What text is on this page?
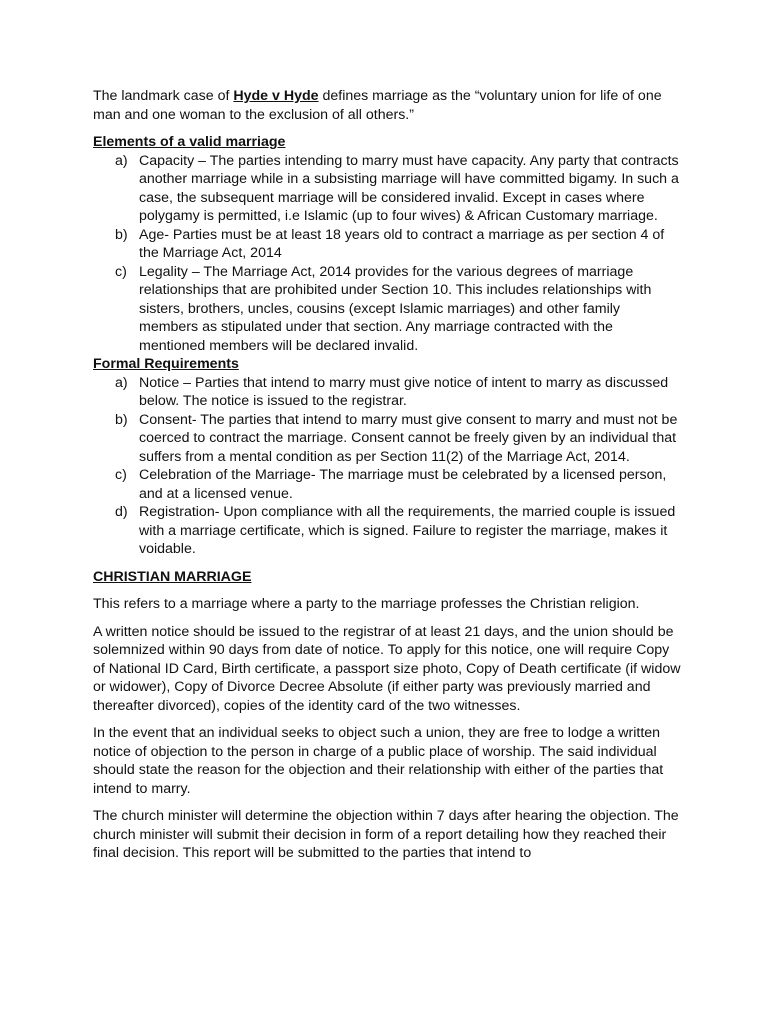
The landmark case of Hyde v Hyde defines marriage as the “voluntary union for life of one man and one woman to the exclusion of all others.”

Elements of a valid marriage

a) Capacity – The parties intending to marry must have capacity. Any party that contracts another marriage while in a subsisting marriage will have committed bigamy. In such a case, the subsequent marriage will be considered invalid. Except in cases where polygamy is permitted, i.e Islamic (up to four wives) & African Customary marriage.
b) Age- Parties must be at least 18 years old to contract a marriage as per section 4 of the Marriage Act, 2014
c) Legality – The Marriage Act, 2014 provides for the various degrees of marriage relationships that are prohibited under Section 10. This includes relationships with sisters, brothers, uncles, cousins (except Islamic marriages) and other family members as stipulated under that section. Any marriage contracted with the mentioned members will be declared invalid.

Formal Requirements

a) Notice – Parties that intend to marry must give notice of intent to marry as discussed below. The notice is issued to the registrar.
b) Consent- The parties that intend to marry must give consent to marry and must not be coerced to contract the marriage. Consent cannot be freely given by an individual that suffers from a mental condition as per Section 11(2) of the Marriage Act, 2014.
c) Celebration of the Marriage- The marriage must be celebrated by a licensed person, and at a licensed venue.
d) Registration- Upon compliance with all the requirements, the married couple is issued with a marriage certificate, which is signed. Failure to register the marriage, makes it voidable.

CHRISTIAN MARRIAGE

This refers to a marriage where a party to the marriage professes the Christian religion.

A written notice should be issued to the registrar of at least 21 days, and the union should be solemnized within 90 days from date of notice. To apply for this notice, one will require Copy of National ID Card, Birth certificate, a passport size photo, Copy of Death certificate (if widow or widower), Copy of Divorce Decree Absolute (if either party was previously married and thereafter divorced), copies of the identity card of the two witnesses.

In the event that an individual seeks to object such a union, they are free to lodge a written notice of objection to the person in charge of a public place of worship. The said individual should state the reason for the objection and their relationship with either of the parties that intend to marry.

The church minister will determine the objection within 7 days after hearing the objection. The church minister will submit their decision in form of a report detailing how they reached their final decision. This report will be submitted to the parties that intend to
